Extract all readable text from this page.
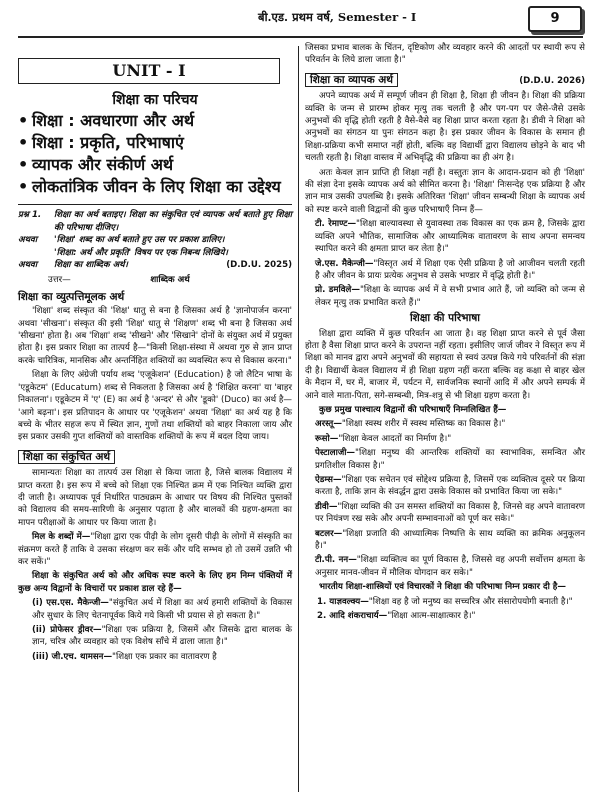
बी.एड. प्रथम वर्ष, Semester - I	9
UNIT - I
शिक्षा का परिचय
• शिक्षा : अवधारणा और अर्थ
• शिक्षा : प्रकृति, परिभाषाएं
• व्यापक और संकीर्ण अर्थ
• लोकतांत्रिक जीवन के लिए शिक्षा का उद्देश्य
प्रश्न 1.	शिक्षा का अर्थ बताइए। शिक्षा का संकुचित एवं व्यापक अर्थ बताते हुए शिक्षा की परिभाषा दीजिए।
अथवा	'शिक्षा' शब्द का अर्थ बताते हुए उस पर प्रकाश डालिए।
'शिक्षा: अर्थ और प्रकृति' विषय पर एक निबन्ध लिखिये।
अथवा	शिक्षा का शाब्दिक अर्थ।	(D.D.U. 2025)
उत्तर—	शाब्दिक अर्थ
शिक्षा का व्युत्पत्तिमूलक अर्थ

'शिक्षा' शब्द संस्कृत की 'शिक्ष' धातु से बना है जिसका अर्थ है 'ज्ञानोपार्जन करना' अथवा 'सीखना'। संस्कृत की इसी 'शिक्ष' धातु से 'शिक्षण' शब्द भी बना है जिसका अर्थ 'सीखना' होता है। अब 'शिक्षा' शब्द 'सीखने' और 'सिखाने' दोनों के संयुक्त अर्थ में प्रयुक्त होता है। इस प्रकार शिक्षा का तात्पर्य है—"किसी शिक्षा-संस्था में अथवा गुरु से ज्ञान प्राप्त करके चारित्रिक, मानसिक और अन्तर्निहित शक्तियों का व्यवस्थित रूप से विकास करना।"

शिक्षा के लिए अंग्रेजी पर्याय शब्द 'एजूकेशन' (Education) है जो लैटिन भाषा के 'एडूकेटम' (Educatum) शब्द से निकलता है जिसका अर्थ है 'शिक्षित करना' या 'बाहर निकालना'। एडूकेटम में 'ए' (E) का अर्थ है 'अन्दर' से और 'डूको' (Duco) का अर्थ है— 'आगे बढ़ना'। इस प्रतिपादन के आधार पर 'एजूकेशन' अथवा 'शिक्षा' का अर्थ यह है कि बच्चे के भीतर सहज रूप में स्थित ज्ञान, गुणों तथा शक्तियों को बाहर निकाला जाय और इस प्रकार उसकी गुप्त शक्तियों को वास्तविक शक्तियों के रूप में बदल दिया जाय।

शिक्षा का संकुचित अर्थ

सामान्यतः शिक्षा का तात्पर्य उस शिक्षा से किया जाता है, जिसे बालक विद्यालय में प्राप्त करता है। इस रूप में बच्चे को शिक्षा एक निश्चित क्रम में एक निश्चित व्यक्ति द्वारा दी जाती है। अध्यापक पूर्व निर्धारित पाठ्यक्रम के आधार पर विषय की निश्चित पुस्तकों को विद्यालय की समय-सारिणी के अनुसार पढ़ाता है और बालकों की ग्रहण-क्षमता का मापन परीक्षाओं के आधार पर किया जाता है।

मिल के शब्दों में—"शिक्षा द्वारा एक पीढ़ी के लोग दूसरी पीढ़ी के लोगों में संस्कृति का संक्रमण करते हैं ताकि वे उसका संरक्षण कर सकें और यदि सम्भव हो तो उसमें उन्नति भी कर सकें।"

शिक्षा के संकुचित अर्थ को और अधिक स्पष्ट करने के लिए हम निम्न पंक्तियों में कुछ अन्य विद्वानों के विचारों पर प्रकाश डाल रहे हैं—

(i) एस.एस. मैकेन्जी—"संकुचित अर्थ में शिक्षा का अर्थ हमारी शक्तियों के विकास और सुधार के लिए चेतनापूर्वक किये गये किसी भी प्रयास से हो सकता है।"

(ii) प्रोफेसर ड्रीवर—"शिक्षा एक प्रक्रिया है, जिसमें और जिसके द्वारा बालक के ज्ञान, चरित्र और व्यवहार को एक विशेष साँचे में ढाला जाता है।"

(iii) जी.एच. थामसन—"शिक्षा एक प्रकार का वातावरण है

जिसका प्रभाव बालक के चिंतन, दृष्टिकोण और व्यवहार करने की आदतों पर स्थायी रूप से परिवर्तन के लिये डाला जाता है।"

शिक्षा का व्यापक अर्थ	(D.D.U. 2026)

अपने व्यापक अर्थ में सम्पूर्ण जीवन ही शिक्षा है, शिक्षा ही जीवन है। शिक्षा की प्रक्रिया व्यक्ति के जन्म से प्रारम्भ होकर मृत्यु तक चलती है और पग-पग पर जैसे-जैसे उसके अनुभवों की वृद्धि होती रहती है वैसे-वैसे वह शिक्षा प्राप्त करता रहता है। डीवी ने शिक्षा को अनुभवों का संगठन या पुनः संगठन कहा है। इस प्रकार जीवन के विकास के समान ही शिक्षा-प्रक्रिया कभी समाप्त नहीं होती, बल्कि वह विद्यार्थी द्वारा विद्यालय छोड़ने के बाद भी चलती रहती है। शिक्षा वास्तव में अभिवृद्धि की प्रक्रिया का ही अंग है।

अतः केवल ज्ञान प्राप्ति ही शिक्षा नहीं है। वस्तुतः ज्ञान के आदान-प्रदान को ही 'शिक्षा' की संज्ञा देना इसके व्यापक अर्थ को सीमित करना है। 'शिक्षा' निःसन्देह एक प्रक्रिया है और ज्ञान मात्र उसकी उपलब्धि है। इसके अतिरिक्त 'शिक्षा' जीवन सम्बन्धी शिक्षा के व्यापक अर्थ को स्पष्ट करने वाली विद्वानों की कुछ परिभाषाएँ निम्न हैं—

टी. रेमाण्ट—"शिक्षा बाल्यावस्था से युवावस्था तक विकास का एक क्रम है, जिसके द्वारा व्यक्ति अपने भौतिक, सामाजिक और आध्यात्मिक वातावरण के साथ अपना समन्वय स्थापित करने की क्षमता प्राप्त कर लेता है।"

जे.एस. मैकेन्जी—"विस्तृत अर्थ में शिक्षा एक ऐसी प्रक्रिया है जो आजीवन चलती रहती है और जीवन के प्रायः प्रत्येक अनुभव से उसके भण्डार में वृद्धि होती है।"

प्रो. डमविले—"शिक्षा के व्यापक अर्थ में वे सभी प्रभाव आते हैं, जो व्यक्ति को जन्म से लेकर मृत्यु तक प्रभावित करते हैं।"

शिक्षा की परिभाषा

शिक्षा द्वारा व्यक्ति में कुछ परिवर्तन आ जाता है। वह शिक्षा प्राप्त करने से पूर्व जैसा होता है वैसा शिक्षा प्राप्त करने के उपरान्त नहीं रहता। इसीलिए जार्ज जीवर ने विस्तृत रूप में शिक्षा को मानव द्वारा अपने अनुभवों की सहायता से स्वयं उत्पन्न किये गये परिवर्तनों की संज्ञा दी है। विद्यार्थी केवल विद्यालय में ही शिक्षा ग्रहण नहीं करता बल्कि वह कक्षा से बाहर खेल के मैदान में, घर में, बाजार में, पर्यटन में, सार्वजनिक स्थानों आदि में और अपने सम्पर्क में आने वाले माता-पिता, सगे-सम्बन्धी, मित्र-शत्रु से भी शिक्षा ग्रहण करता है।

कुछ प्रमुख पाश्चात्य विद्वानों की परिभाषाएँ निम्नलिखित हैं—

अरस्तू—"शिक्षा स्वस्थ शरीर में स्वस्थ मस्तिष्क का विकास है।"

रूसो—"शिक्षा केवल आदतों का निर्माण है।"

पेस्टालाजी—"शिक्षा मनुष्य की आन्तरिक शक्तियों का स्वाभाविक, समन्वित और प्रगतिशील विकास है।"

ऐडम्स—"शिक्षा एक सचेतन एवं सोद्देश्य प्रक्रिया है, जिसमें एक व्यक्तित्व दूसरे पर क्रिया करता है, ताकि ज्ञान के संवर्द्धन द्वारा उसके विकास को प्रभावित किया जा सके।"

डीवी—"शिक्षा व्यक्ति की उन समस्त शक्तियों का विकास है, जिनसे वह अपने वातावरण पर नियंत्रण रख सके और अपनी सम्भावनाओं को पूर्ण कर सके।"

बटलर—"शिक्षा प्रजाति की आध्यात्मिक निष्पत्ति के साथ व्यक्ति का क्रमिक अनुकूलन है।"

टी.पी. नन—"शिक्षा व्यक्तित्व का पूर्ण विकास है, जिससे वह अपनी सर्वोत्तम क्षमता के अनुसार मानव-जीवन में मौलिक योगदान कर सके।"

भारतीय शिक्षा-शास्त्रियों एवं विचारकों ने शिक्षा की परिभाषा निम्न प्रकार दी है—

1. याज्ञवल्क्य—"शिक्षा वह है जो मनुष्य का सच्चरित्र और संसारोपयोगी बनाती है।"

2. आदि शंकराचार्य—"शिक्षा आत्म-साक्षात्कार है।"
